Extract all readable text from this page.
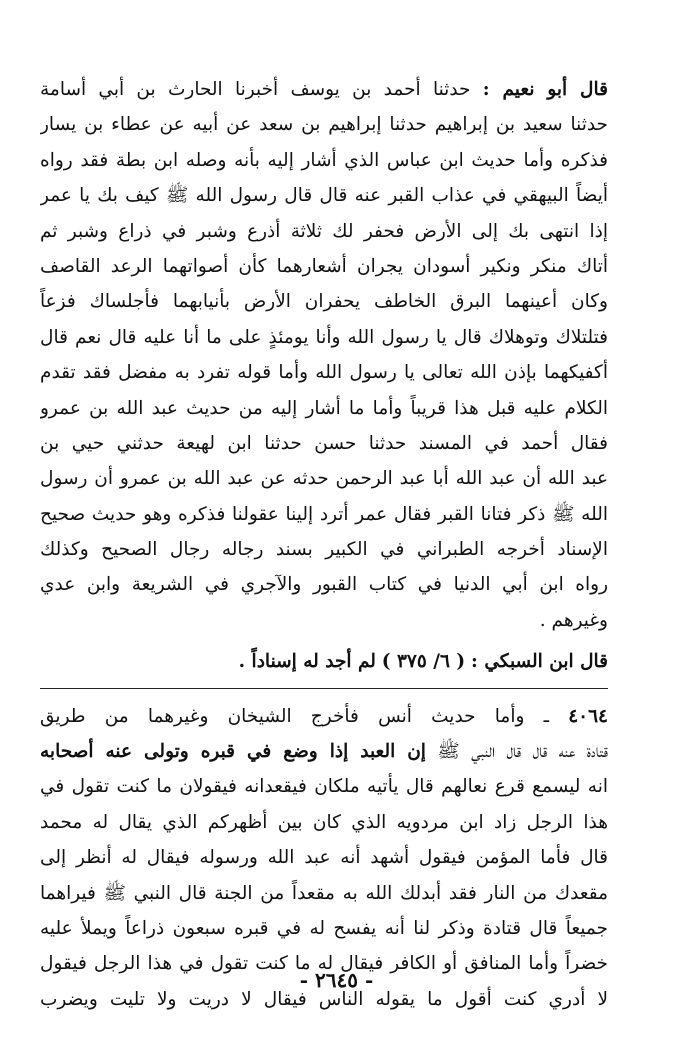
قال أبو نعيم : حدثنا أحمد بن يوسف أخبرنا الحارث بن أبي أسامة
حدثنا سعيد بن إبراهيم حدثنا إبراهيم بن سعد عن أبيه عن عطاء بن يسار
فذكره وأما حديث ابن عباس الذي أشار إليه بأنه وصله ابن بطة فقد رواه
أيضاً البيهقي في عذاب القبر عنه قال قال رسول الله ﷺ كيف بك يا عمر
إذا انتهى بك إلى الأرض فحفر لك ثلاثة أذرع وشبر في ذراع وشبر ثم
أتاك منكر ونكير أسودان يجران أشعارهما كأن أصواتهما الرعد القاصف
وكان أعينهما البرق الخاطف يحفران الأرض بأنيابهما فأجلساك فزعاً
فتلتلاك وتوهلاك قال يا رسول الله وأنا يومئذٍ على ما أنا عليه قال نعم قال
أكفيكهما بإذن الله تعالى يا رسول الله وأما قوله تفرد به مفضل فقد تقدم
الكلام عليه قبل هذا قريباً وأما ما أشار إليه من حديث عبد الله بن عمرو
فقال أحمد في المسند حدثنا حسن حدثنا ابن لهيعة حدثني حيي بن
عبد الله أن عبد الله أبا عبد الرحمن حدثه عن عبد الله بن عمرو أن رسول
الله ﷺ ذكر فتانا القبر فقال عمر أترد إلينا عقولنا فذكره وهو حديث صحيح
الإسناد أخرجه الطبراني في الكبير بسند رجاله رجال الصحيح وكذلك
رواه ابن أبي الدنيا في كتاب القبور والآجري في الشريعة وابن عدي
وغيرهم .
قال ابن السبكي : ( ٦/ ٣٧٥ ) لم أجد له إسناداً .
٤٠٦٤ ـ وأما حديث أنس فأخرج الشيخان وغيرهما من طريق
قتادة عنه قال قال النبي ﷺ إن العبد إذا وضع في قبره وتولى عنه أصحابه
انه ليسمع قرع نعالهم قال يأتيه ملكان فيقعدانه فيقولان ما كنت تقول في
هذا الرجل زاد ابن مردويه الذي كان بين أظهركم الذي يقال له محمد
قال فأما المؤمن فيقول أشهد أنه عبد الله ورسوله فيقال له أنظر إلى
مقعدك من النار فقد أبدلك الله به مقعداً من الجنة قال النبي ﷺ فيراهما
جميعاً قال قتادة وذكر لنا أنه يفسح له في قبره سبعون ذراعاً ويملأ عليه
خضراً وأما المنافق أو الكافر فيقال له ما كنت تقول في هذا الرجل فيقول
لا أدري كنت أقول ما يقوله الناس فيقال لا دريت ولا تليت ويضرب
- ٢٦٤٥ -
